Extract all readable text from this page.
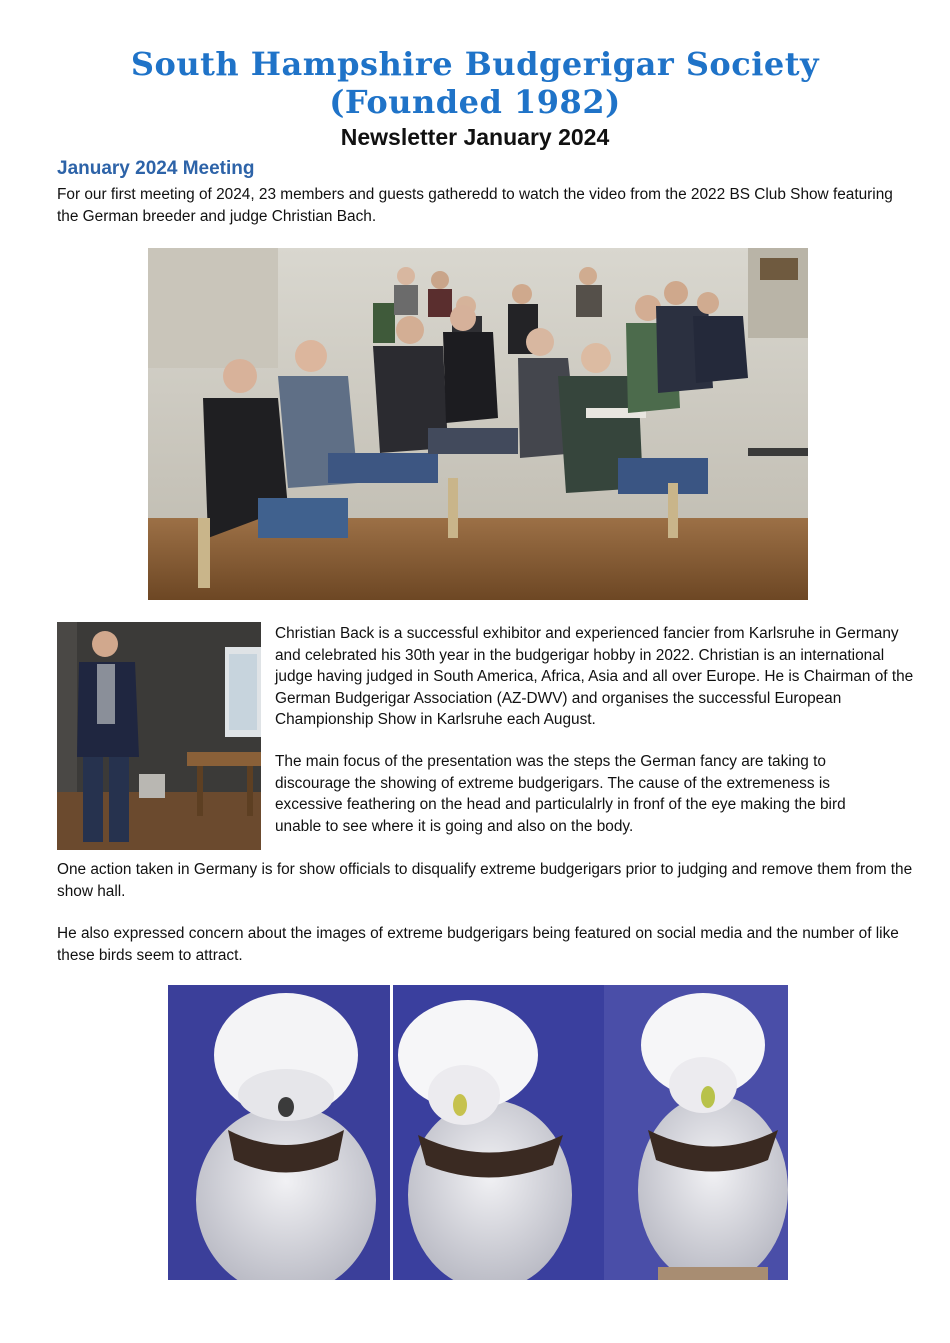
South Hampshire Budgerigar Society
(Founded 1982)
Newsletter January 2024
January 2024 Meeting
For our first meeting of 2024, 23 members and guests gatheredd to watch the video from the 2022 BS Club Show featuring the German breeder and judge Christian Bach.
Christian Back is a successful exhibitor and experienced fancier from Karlsruhe in Germany and celebrated his 30th year in the budgerigar hobby in 2022. Christian is an international judge having judged in South America, Africa, Asia and all over Europe. He is Chairman of the German Budgerigar Association (AZ-DWV) and organises the successful European Championship Show in Karlsruhe each August.
The main focus of the presentation was the steps the German fancy are taking to discourage the showing of extreme budgerigars. The cause of the extremeness is excessive feathering on the head and particulalrly in fronf of the eye making the bird unable to see where it is going and also on the body.
One action taken in Germany is for show officials to disqualify extreme budgerigars prior to judging and remove them from the show hall.
He also expressed concern about the images of extreme budgerigars being featured on social media and the number of like these birds seem to attract.
